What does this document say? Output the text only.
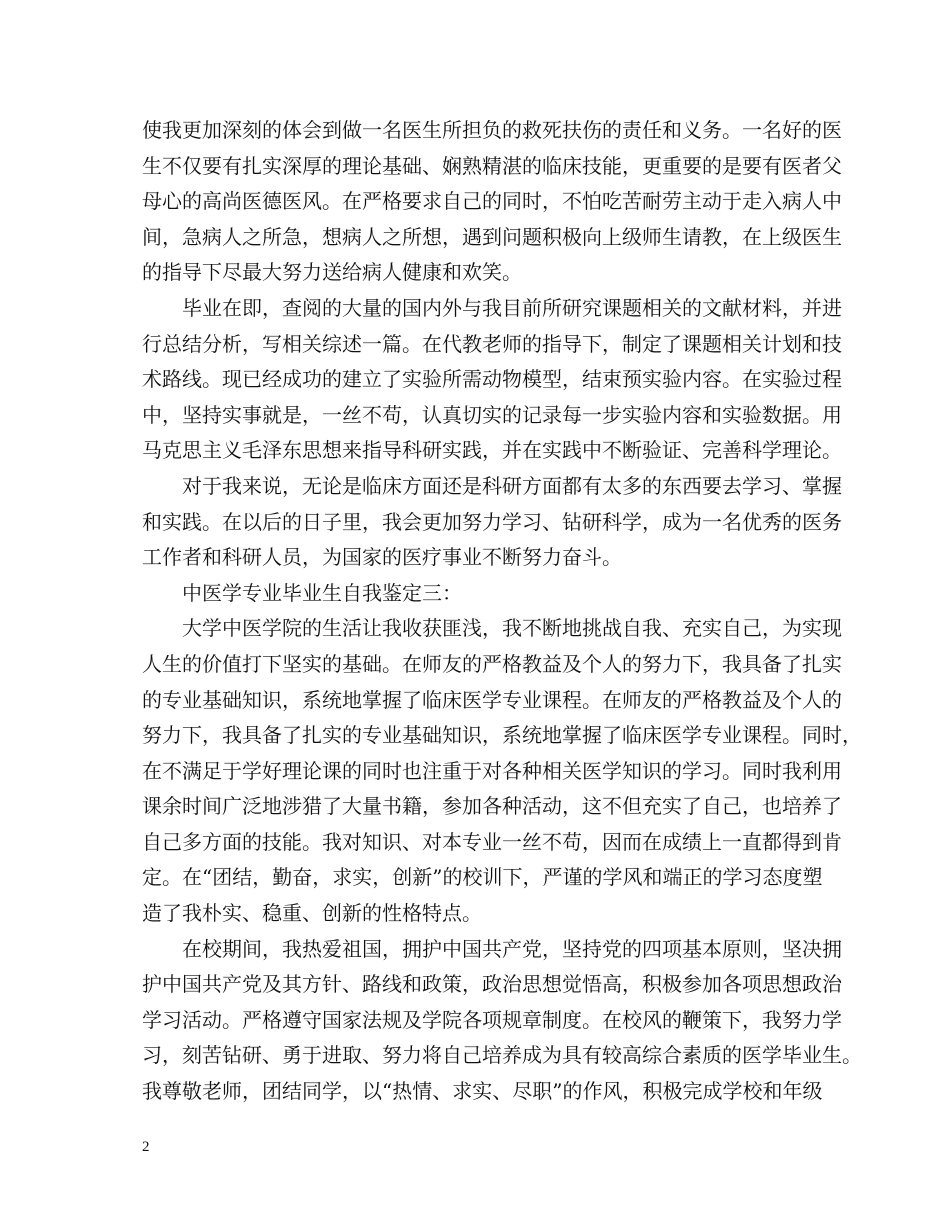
使我更加深刻的体会到做一名医生所担负的救死扶伤的责任和义务。一名好的医
生不仅要有扎实深厚的理论基础、娴熟精湛的临床技能，更重要的是要有医者父
母心的高尚医德医风。在严格要求自己的同时，不怕吃苦耐劳主动于走入病人中
间，急病人之所急，想病人之所想，遇到问题积极向上级师生请教，在上级医生
的指导下尽最大努力送给病人健康和欢笑。
毕业在即，查阅的大量的国内外与我目前所研究课题相关的文献材料，并进
行总结分析，写相关综述一篇。在代教老师的指导下，制定了课题相关计划和技
术路线。现已经成功的建立了实验所需动物模型，结束预实验内容。在实验过程
中，坚持实事就是，一丝不苟，认真切实的记录每一步实验内容和实验数据。用
马克思主义毛泽东思想来指导科研实践，并在实践中不断验证、完善科学理论。
对于我来说，无论是临床方面还是科研方面都有太多的东西要去学习、掌握
和实践。在以后的日子里，我会更加努力学习、钻研科学，成为一名优秀的医务
工作者和科研人员，为国家的医疗事业不断努力奋斗。
中医学专业毕业生自我鉴定三：
大学中医学院的生活让我收获匪浅，我不断地挑战自我、充实自己，为实现
人生的价值打下坚实的基础。在师友的严格教益及个人的努力下，我具备了扎实
的专业基础知识，系统地掌握了临床医学专业课程。在师友的严格教益及个人的
努力下，我具备了扎实的专业基础知识，系统地掌握了临床医学专业课程。同时，
在不满足于学好理论课的同时也注重于对各种相关医学知识的学习。同时我利用
课余时间广泛地涉猎了大量书籍，参加各种活动，这不但充实了自己，也培养了
自己多方面的技能。我对知识、对本专业一丝不苟，因而在成绩上一直都得到肯
定。在“团结，勤奋，求实，创新”的校训下，严谨的学风和端正的学习态度塑
造了我朴实、稳重、创新的性格特点。
在校期间，我热爱祖国，拥护中国共产党，坚持党的四项基本原则，坚决拥
护中国共产党及其方针、路线和政策，政治思想觉悟高，积极参加各项思想政治
学习活动。严格遵守国家法规及学院各项规章制度。在校风的鞭策下，我努力学
习，刻苦钻研、勇于进取、努力将自己培养成为具有较高综合素质的医学毕业生。
我尊敬老师，团结同学，以“热情、求实、尽职”的作风，积极完成学校和年级
2
